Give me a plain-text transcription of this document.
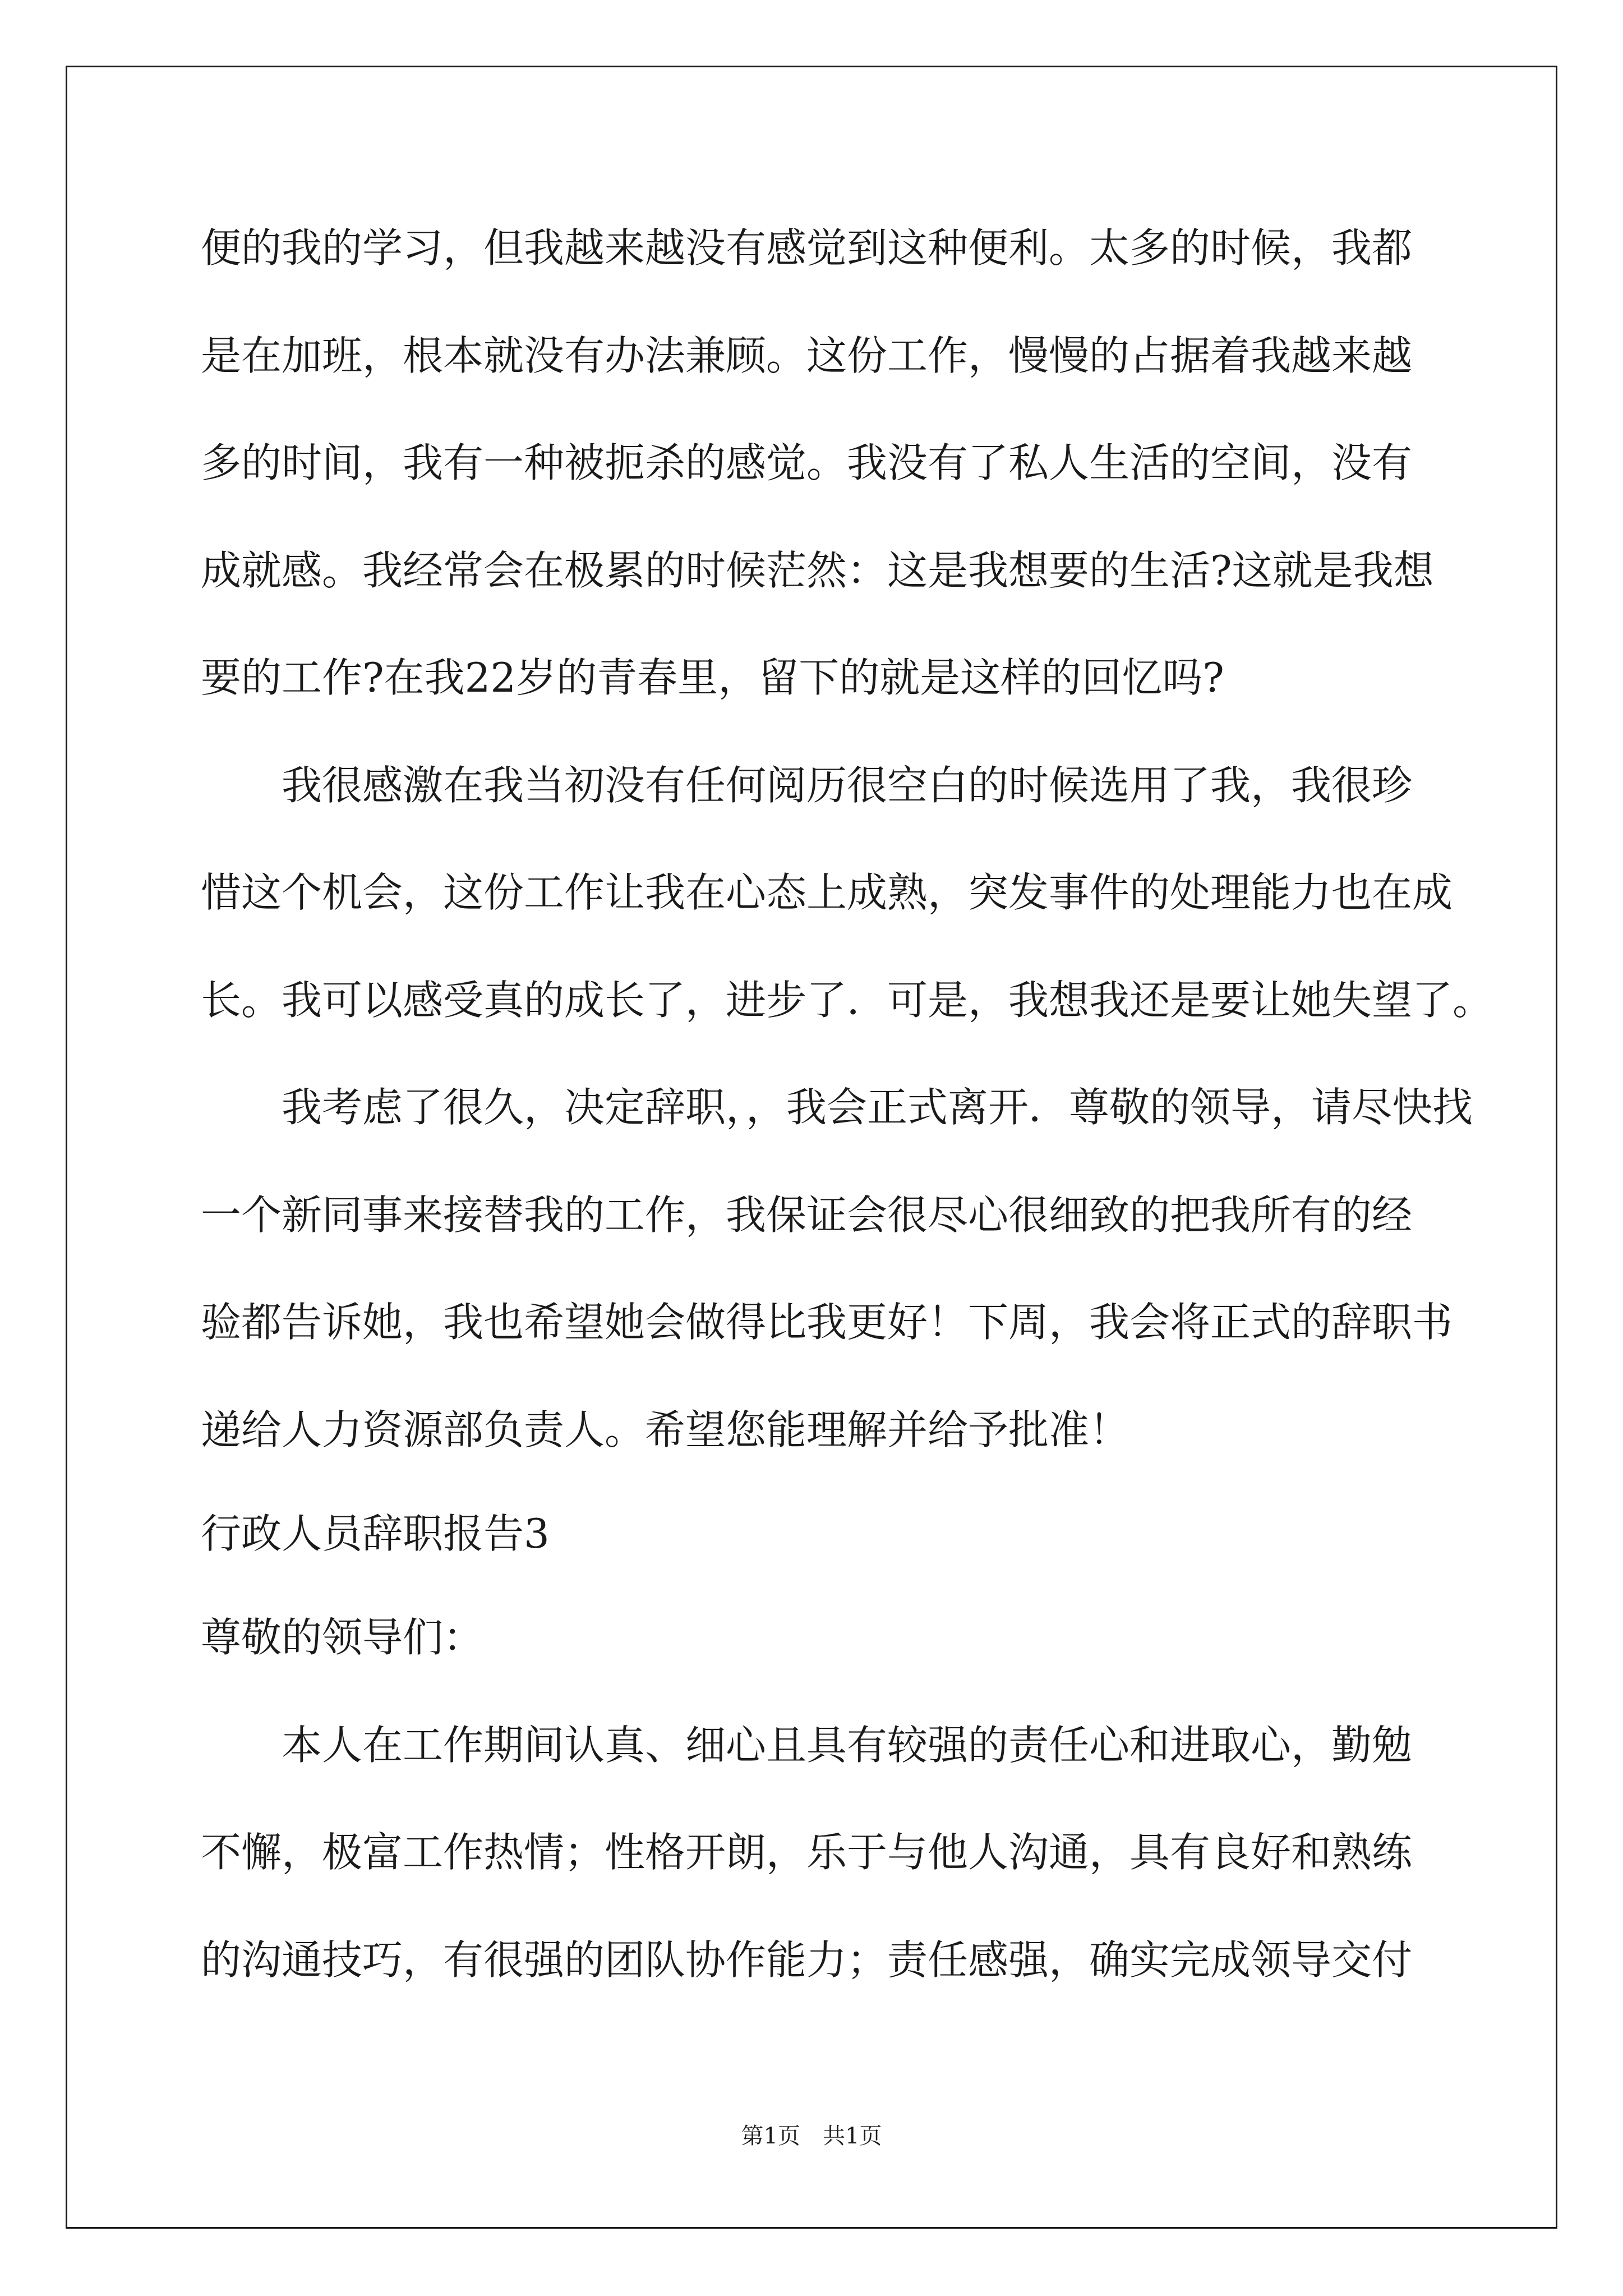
便的我的学习，但我越来越没有感觉到这种便利。太多的时候，我都
是在加班，根本就没有办法兼顾。这份工作，慢慢的占据着我越来越
多的时间，我有一种被扼杀的感觉。我没有了私人生活的空间，没有
成就感。我经常会在极累的时候茫然：这是我想要的生活?这就是我想
要的工作?在我22岁的青春里，留下的就是这样的回忆吗?
　　我很感激在我当初没有任何阅历很空白的时候选用了我，我很珍
惜这个机会，这份工作让我在心态上成熟，突发事件的处理能力也在成
长。我可以感受真的成长了，进步了．可是，我想我还是要让她失望了。
　　我考虑了很久，决定辞职，，我会正式离开．尊敬的领导，请尽快找
一个新同事来接替我的工作，我保证会很尽心很细致的把我所有的经
验都告诉她，我也希望她会做得比我更好！下周，我会将正式的辞职书
递给人力资源部负责人。希望您能理解并给予批准！
行政人员辞职报告3
尊敬的领导们：
　　本人在工作期间认真、细心且具有较强的责任心和进取心，勤勉
不懈，极富工作热情；性格开朗，乐于与他人沟通，具有良好和熟练
的沟通技巧，有很强的团队协作能力；责任感强，确实完成领导交付
第1页　共1页
